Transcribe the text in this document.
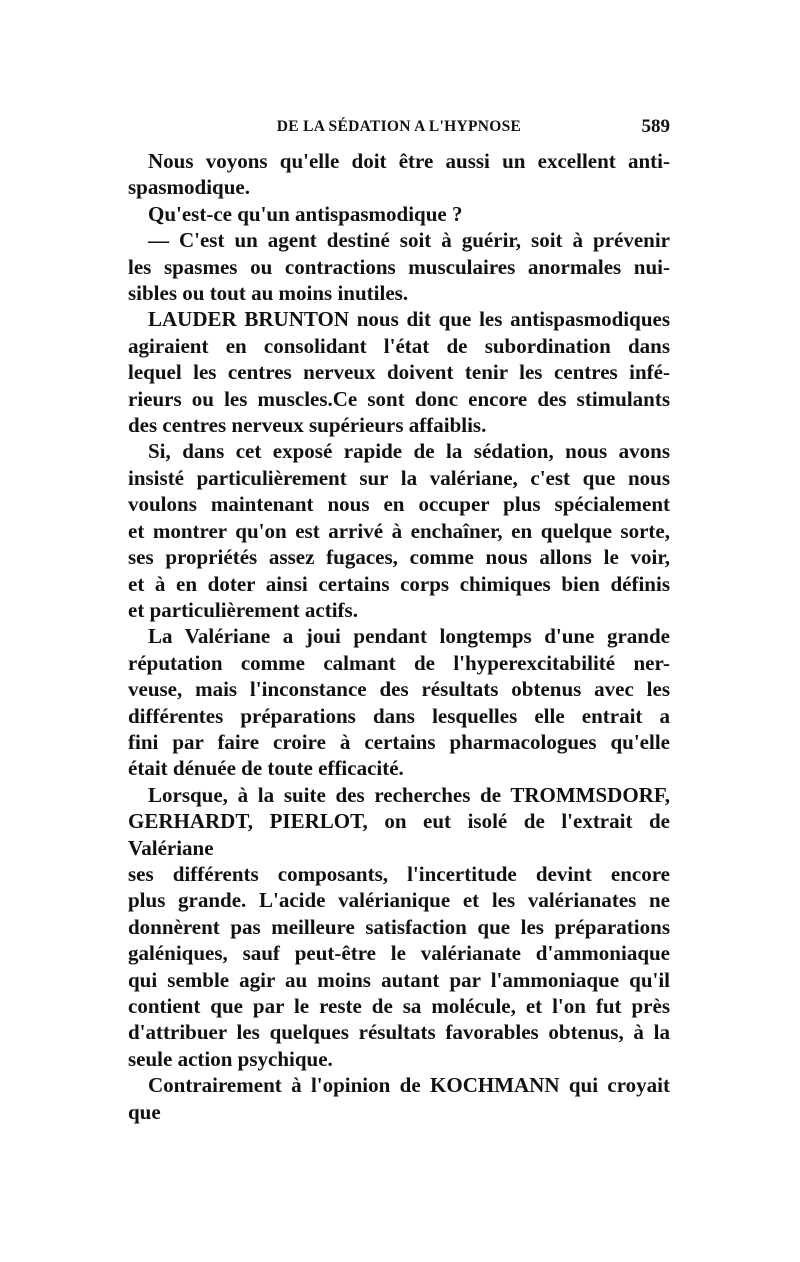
DE LA SÉDATION A L'HYPNOSE	589

Nous voyons qu'elle doit être aussi un excellent anti-

spasmodique.

Qu'est-ce qu'un antispasmodique ?

— C'est un agent destiné soit à guérir, soit à prévenir

les spasmes ou contractions musculaires anormales nui-

sibles ou tout au moins inutiles.

LAUDER BRUNTON nous dit que les antispasmodiques

agiraient en consolidant l'état de subordination dans

lequel les centres nerveux doivent tenir les centres infé-

rieurs ou les muscles.Ce sont donc encore des stimulants

des centres nerveux supérieurs affaiblis.

Si, dans cet exposé rapide de la sédation, nous avons

insisté particulièrement sur la valériane, c'est que nous

voulons maintenant nous en occuper plus spécialement

et montrer qu'on est arrivé à enchaîner, en quelque sorte,

ses propriétés assez fugaces, comme nous allons le voir,

et à en doter ainsi certains corps chimiques bien définis

et particulièrement actifs.

La Valériane a joui pendant longtemps d'une grande

réputation comme calmant de l'hyperexcitabilité ner-

veuse, mais l'inconstance des résultats obtenus avec les

différentes préparations dans lesquelles elle entrait a

fini par faire croire à certains pharmacologues qu'elle

était dénuée de toute efficacité.

Lorsque, à la suite des recherches de TROMMSDORF,

GERHARDT, PIERLOT, on eut isolé de l'extrait de Valériane

ses différents composants, l'incertitude devint encore

plus grande. L'acide valérianique et les valérianates ne

donnèrent pas meilleure satisfaction que les préparations

galéniques, sauf peut-être le valérianate d'ammoniaque

qui semble agir au moins autant par l'ammoniaque qu'il

contient que par le reste de sa molécule, et l'on fut près

d'attribuer les quelques résultats favorables obtenus, à la

seule action psychique.

Contrairement à l'opinion de KOCHMANN qui croyait que
